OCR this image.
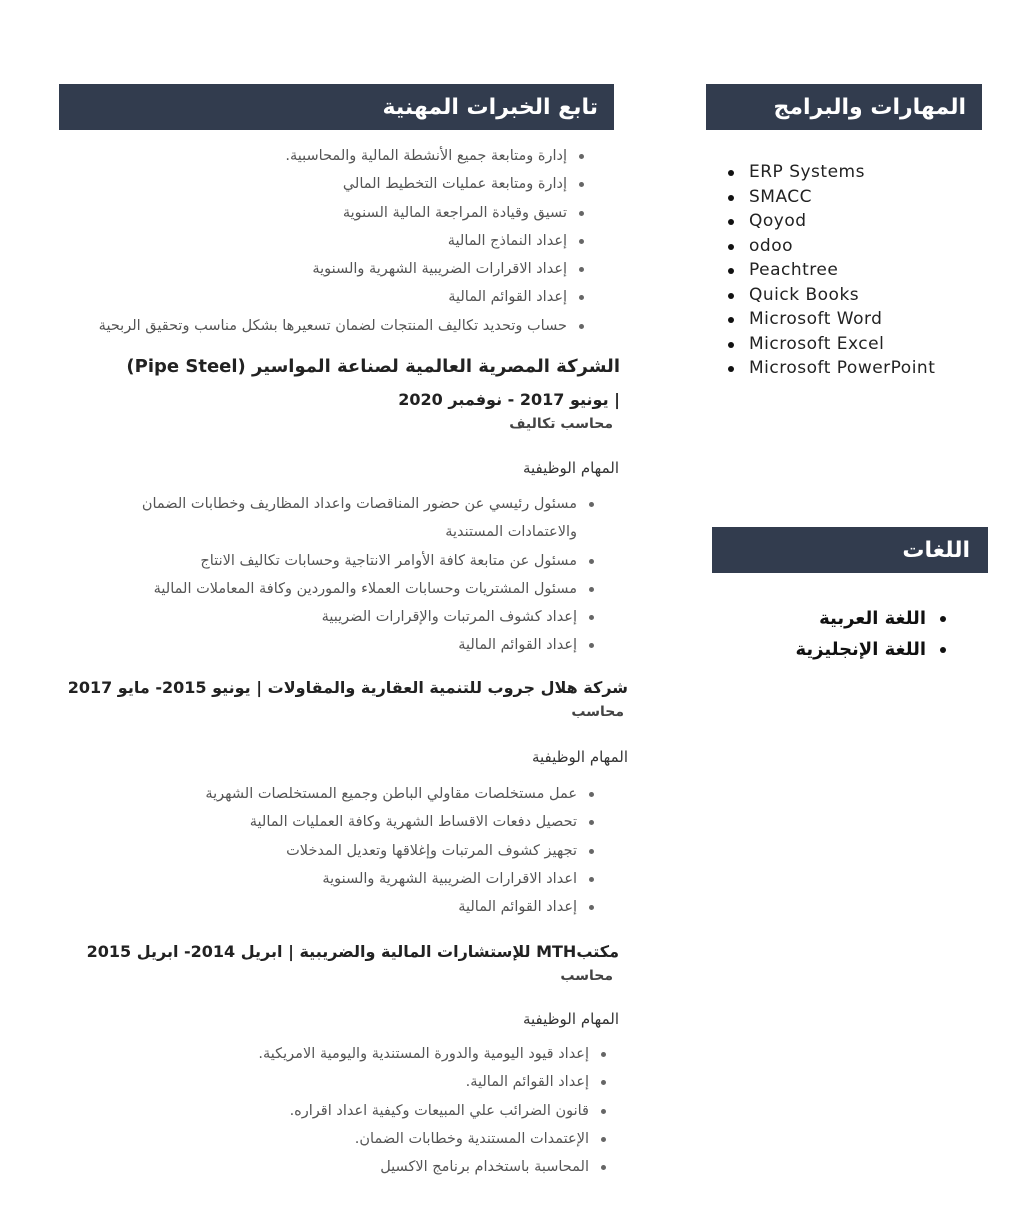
تابع الخبرات المهنية	المهارات والبرامج
اللغات
إدارة ومتابعة جميع الأنشطة المالية والمحاسبية.
إدارة ومتابعة عمليات التخطيط المالي
تسيق وقيادة المراجعة المالية السنوية
إعداد النماذج المالية
إعداد الاقرارات الضريبية الشهرية والسنوية
إعداد القوائم المالية
حساب وتحديد تكاليف المنتجات لضمان تسعيرها بشكل مناسب وتحقيق الربحية
الشركة المصرية العالمية لصناعة المواسير (Pipe Steel)
| يونيو 2017 - نوفمبر 2020
محاسب تكاليف
المهام الوظيفية
مسئول رئيسي عن حضور المناقصات واعداد المظاريف وخطابات الضمان والاعتمادات المستندية
مسئول عن متابعة كافة الأوامر الانتاجية وحسابات تكاليف الانتاج
مسئول المشتريات وحسابات العملاء والموردين وكافة المعاملات المالية
إعداد كشوف المرتبات والإقرارات الضريبية
إعداد القوائم المالية
شركة هلال جروب للتنمية العقارية والمقاولات | يونيو 2015- مايو 2017
محاسب
المهام الوظيفية
عمل مستخلصات مقاولي الباطن وجميع المستخلصات الشهرية
تحصيل دفعات الاقساط الشهرية وكافة العمليات المالية
تجهيز كشوف المرتبات وإغلاقها وتعديل المدخلات
اعداد الاقرارات الضريبية الشهرية والسنوية
إعداد القوائم المالية
مكتبMTH للإستشارات المالية والضريبية | ابريل 2014- ابريل 2015
محاسب
المهام الوظيفية
إعداد قيود اليومية والدورة المستندية واليومية الامريكية.
إعداد القوائم المالية.
قانون الضرائب علي المبيعات وكيفية اعداد اقراره.
الإعتمدات المستندية وخطابات الضمان.
المحاسبة باستخدام برنامج الاكسيل
ERP Systems
SMACC
Qoyod
odoo
Peachtree
Quick Books
Microsoft Word
Microsoft Excel
Microsoft PowerPoint
اللغة العربية
اللغة الإنجليزية
